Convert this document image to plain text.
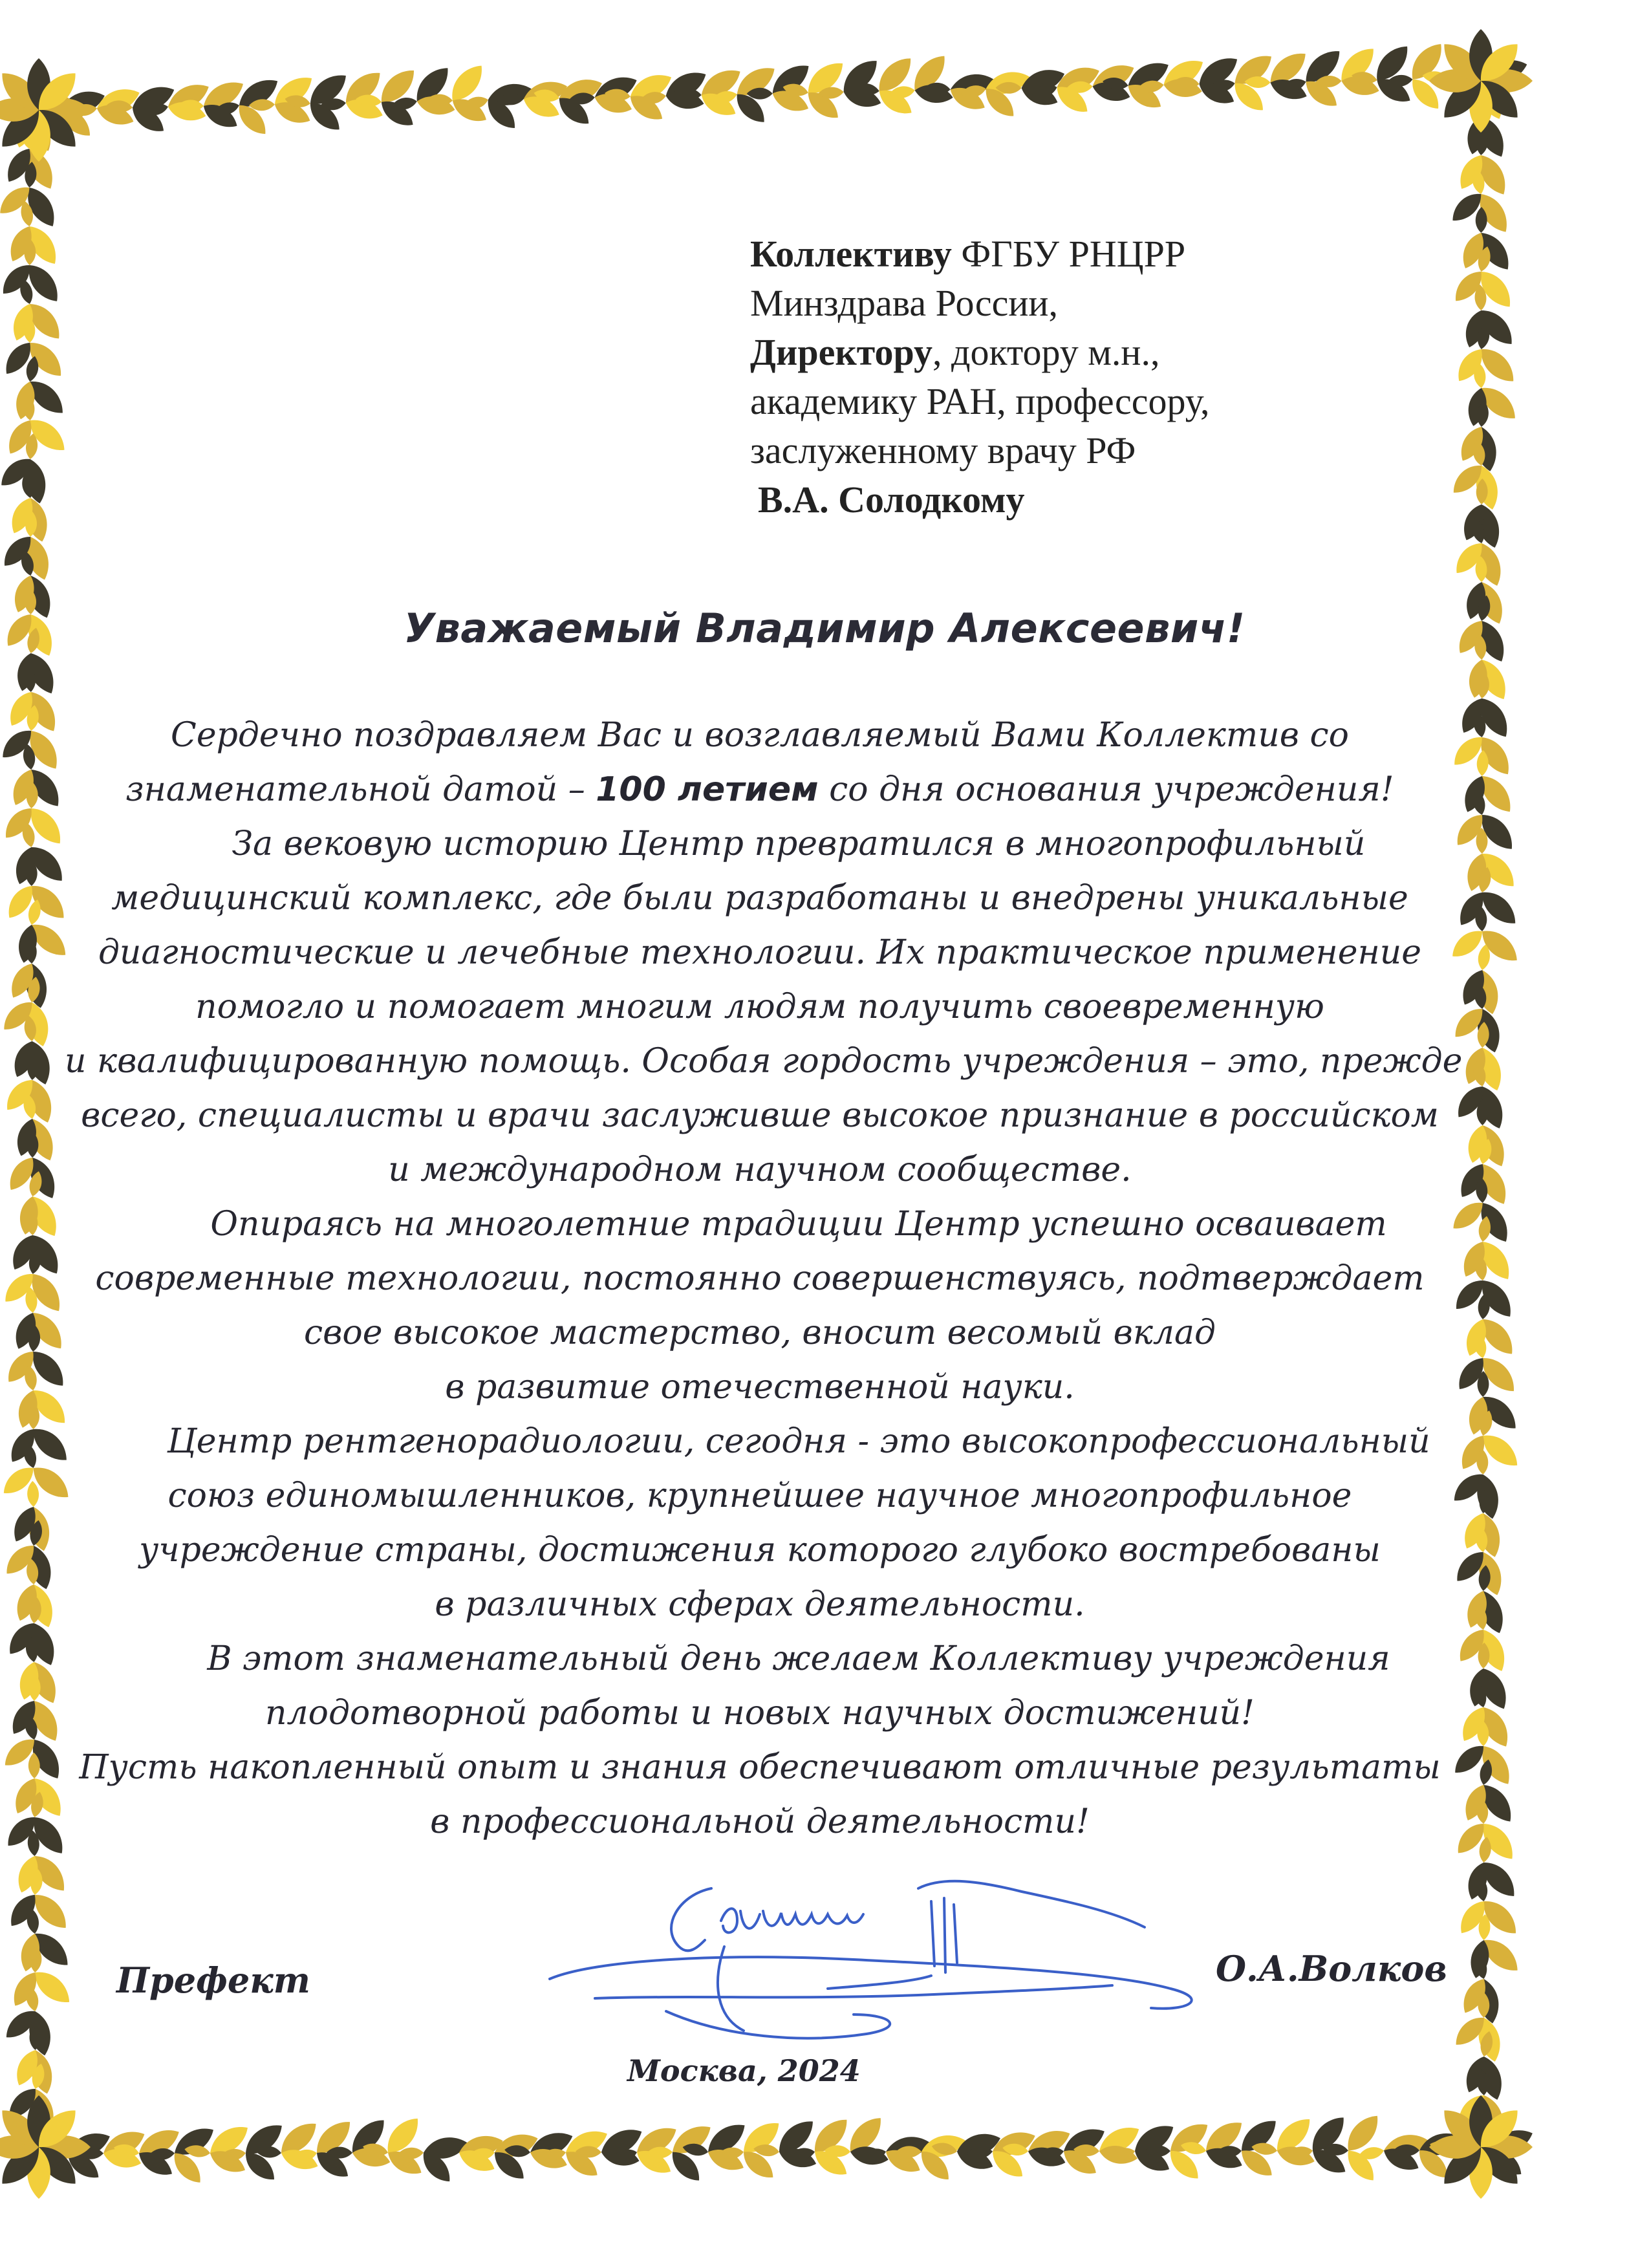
Коллективу ФГБУ РНЦРР
Минздрава России,
Директору, доктору м.н.,
академику РАН, профессору,
заслуженному врачу РФ
В.А. Солодкому
Уважаемый Владимир Алексеевич!
Сердечно поздравляем Вас и возглавляемый Вами Коллектив со
знаменательной датой – 100 летием со дня основания учреждения!
За вековую историю Центр превратился в многопрофильный
медицинский комплекс, где были разработаны и внедрены уникальные
диагностические и лечебные технологии. Их практическое применение
помогло и помогает многим людям получить своевременную
и квалифицированную помощь. Особая гордость учреждения – это, прежде
всего, специалисты и врачи заслуживше высокое признание в российском
и международном научном сообществе.
Опираясь на многолетние традиции Центр успешно осваивает
современные технологии, постоянно совершенствуясь, подтверждает
свое высокое мастерство, вносит весомый вклад
в развитие отечественной науки.
Центр рентгенорадиологии, сегодня - это высокопрофессиональный
союз единомышленников, крупнейшее научное многопрофильное
учреждение страны, достижения которого глубоко востребованы
в различных сферах деятельности.
В этот знаменательный день желаем Коллективу учреждения
плодотворной работы и новых научных достижений!
Пусть накопленный опыт и знания обеспечивают отличные результаты
в профессиональной деятельности!
Префект	О.А.Волков
Москва, 2024
